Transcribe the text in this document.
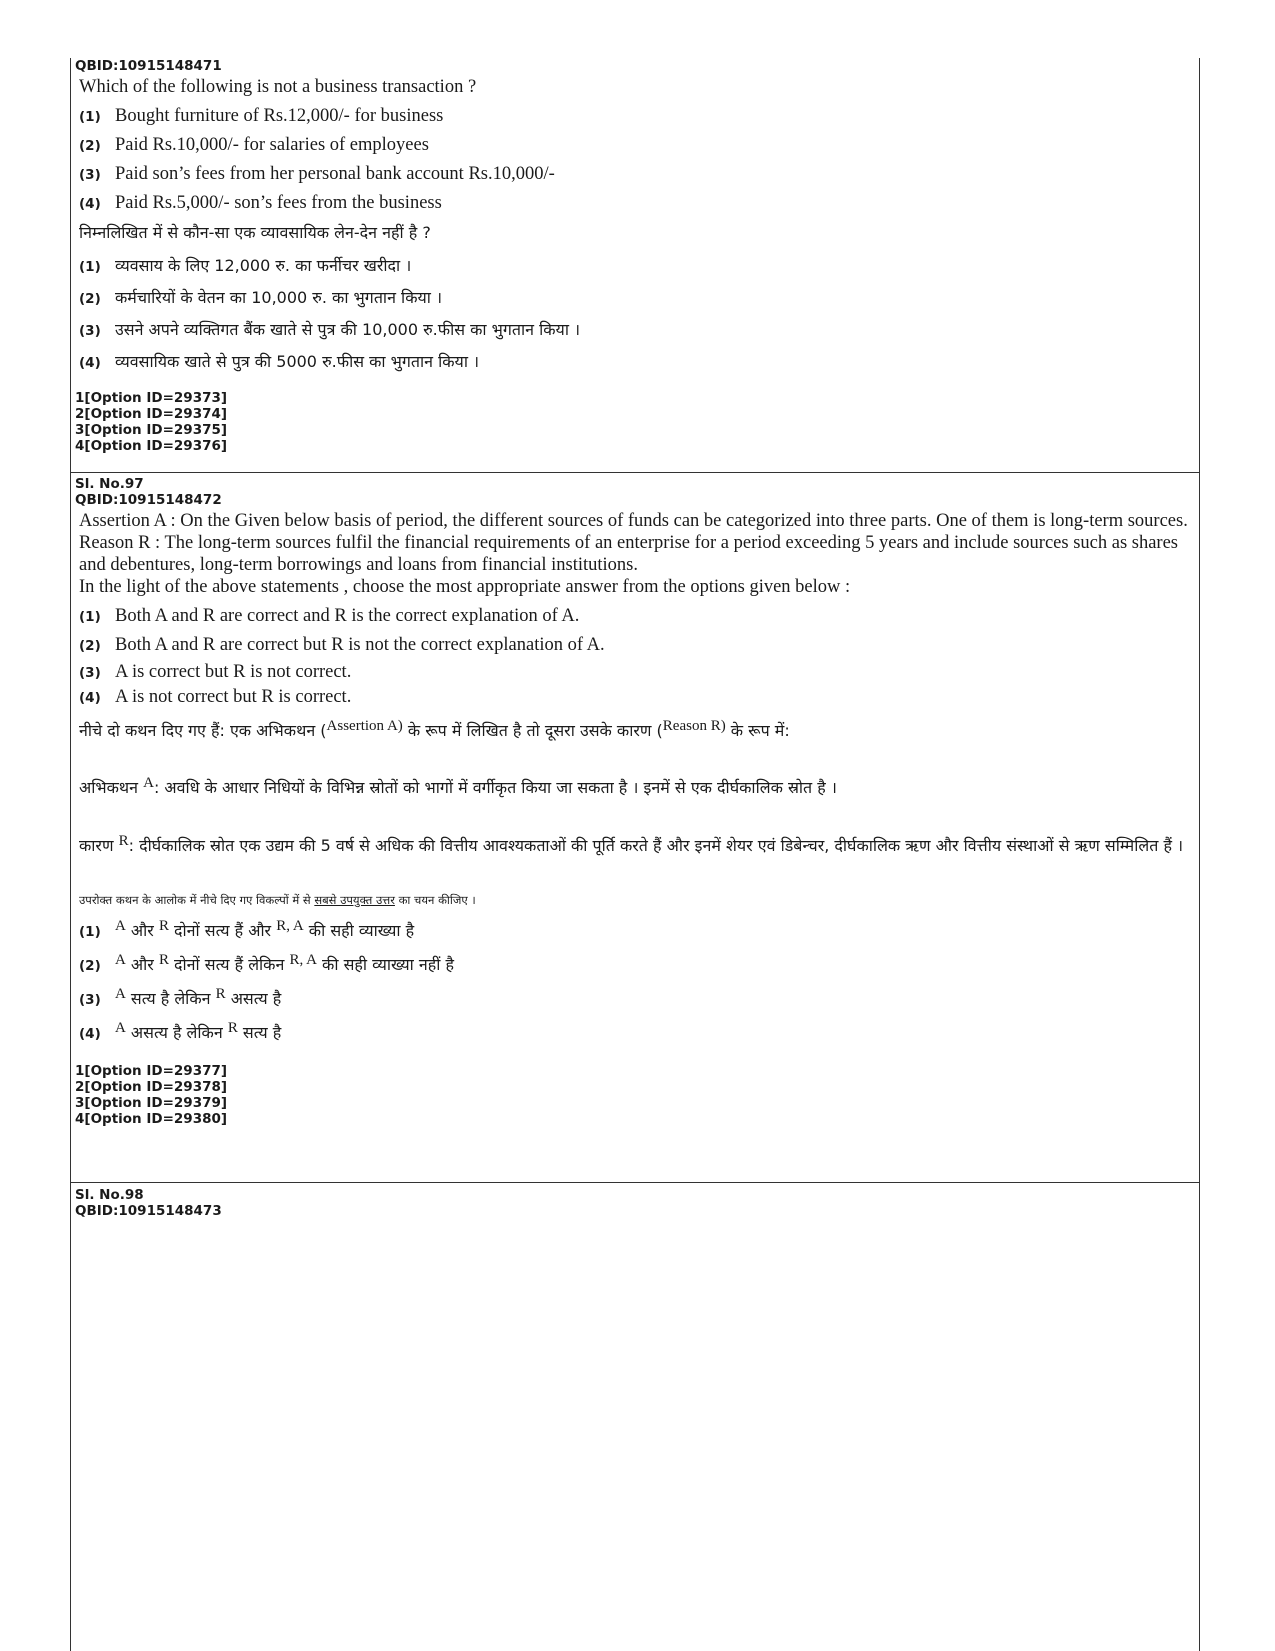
QBID:10915148471

Which of the following is not a business transaction ?

(1) Bought furniture of Rs.12,000/- for business
(2) Paid Rs.10,000/- for salaries of employees
(3) Paid son’s fees from her personal bank account Rs.10,000/-
(4) Paid Rs.5,000/- son’s fees from the business

निम्नलिखित में से कौन-सा एक व्यावसायिक लेन-देन नहीं है ?

(1) व्यवसाय के लिए 12,000 रु. का फर्नीचर खरीदा ।
(2) कर्मचारियों के वेतन का 10,000 रु. का भुगतान किया ।
(3) उसने अपने व्यक्तिगत बैंक खाते से पुत्र की 10,000 रु.फीस का भुगतान किया ।
(4) व्यवसायिक खाते से पुत्र की 5000 रु.फीस का भुगतान किया ।

1[Option ID=29373]

2[Option ID=29374]

3[Option ID=29375]

4[Option ID=29376]

Sl. No.97

QBID:10915148472

Assertion A : On the Given below basis of period, the different sources of funds can be categorized into three parts. One of them is long-term sources.

Reason R : The long-term sources fulfil the financial requirements of an enterprise for a period exceeding 5 years and include sources such as shares and debentures, long-term borrowings and loans from financial institutions.

In the light of the above statements , choose the most appropriate answer from the options given below :

(1) Both A and R are correct and R is the correct explanation of A.
(2) Both A and R are correct but R is not the correct explanation of A.
(3) A is correct but R is not correct.
(4) A is not correct but R is correct.

नीचे दो कथन दिए गए हैं: एक अभिकथन (Assertion A) के रूप में लिखित है तो दूसरा उसके कारण (Reason R) के रूप में:

अभिकथन A: अवधि के आधार निधियों के विभिन्न स्रोतों को भागों में वर्गीकृत किया जा सकता है । इनमें से एक दीर्घकालिक स्रोत है ।

कारण R: दीर्घकालिक स्रोत एक उद्यम की 5 वर्ष से अधिक की वित्तीय आवश्यकताओं की पूर्ति करते हैं और इनमें शेयर एवं डिबेन्चर, दीर्घकालिक ऋण और वित्तीय संस्थाओं से ऋण सम्मिलित हैं ।

उपरोक्त कथन के आलोक में नीचे दिए गए विकल्पों में से सबसे उपयुक्त उत्तर का चयन कीजिए ।

(1) A और R दोनों सत्य हैं और R, A की सही व्याख्या है
(2) A और R दोनों सत्य हैं लेकिन R, A की सही व्याख्या नहीं है
(3) A सत्य है लेकिन R असत्य है
(4) A असत्य है लेकिन R सत्य है

1[Option ID=29377]

2[Option ID=29378]

3[Option ID=29379]

4[Option ID=29380]

Sl. No.98

QBID:10915148473
